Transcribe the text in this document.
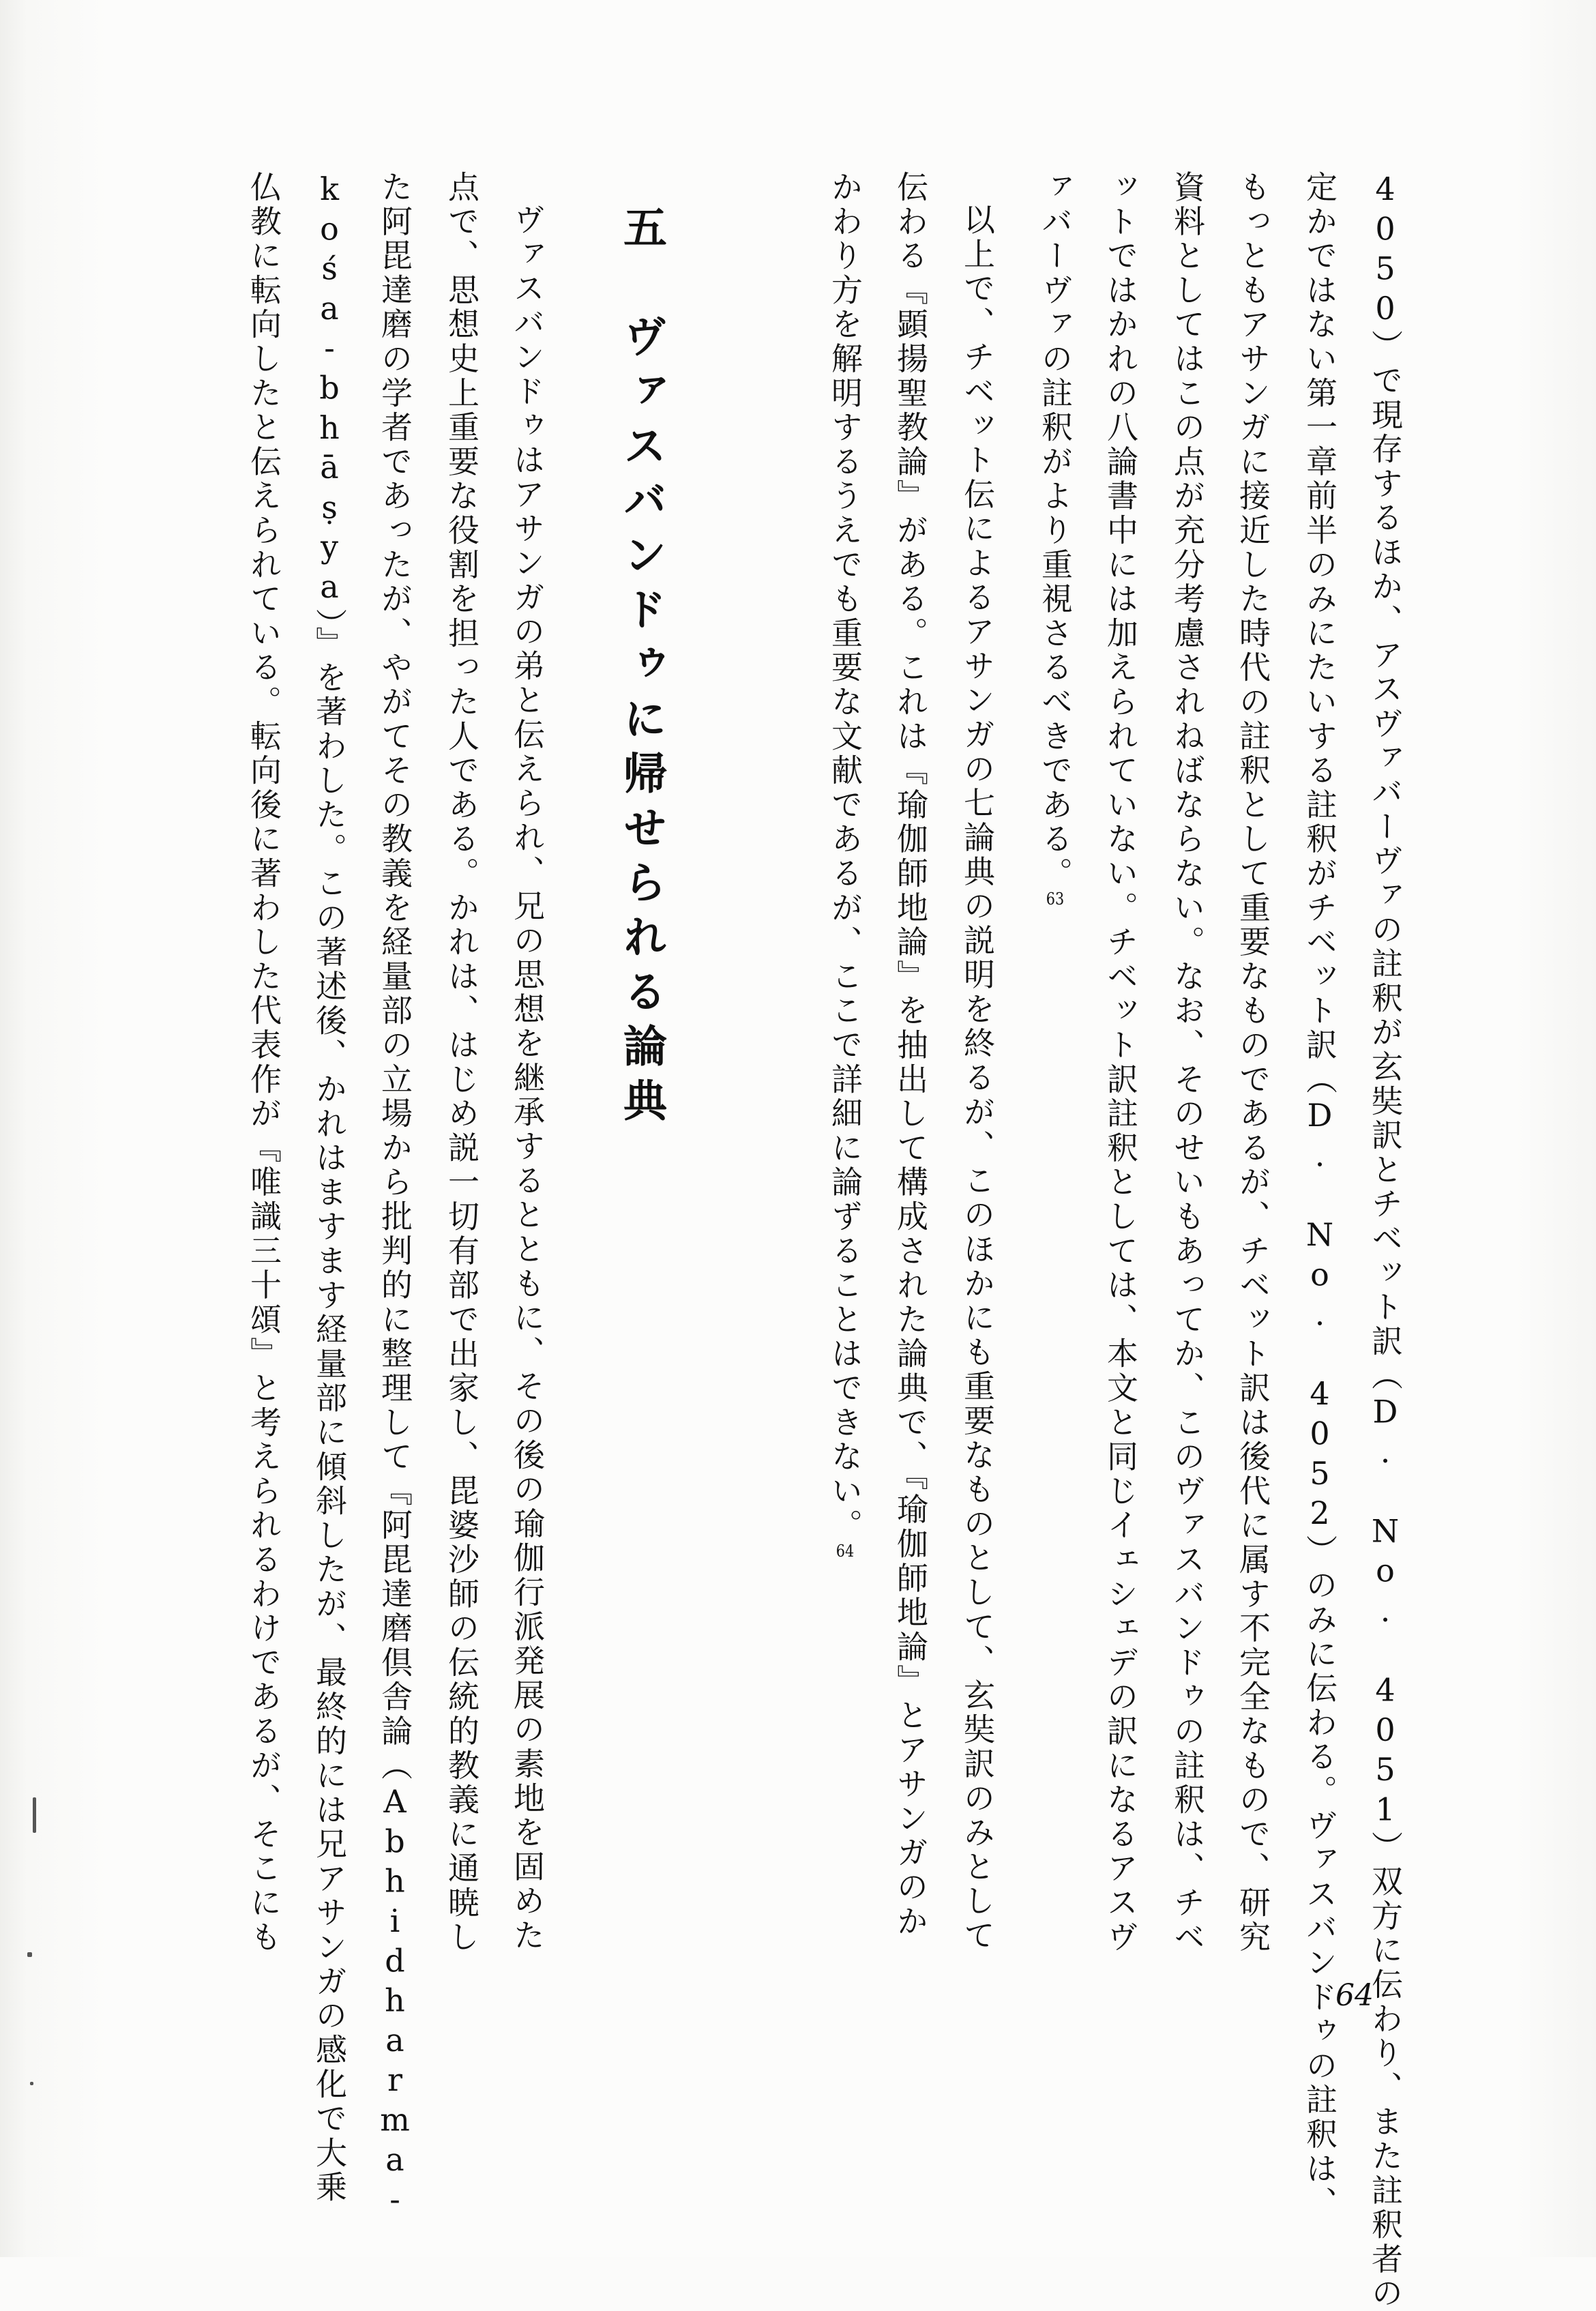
4050）で現存するほか、アスヴァバーヴァの註釈が玄奘訳とチベット訳（D. No. 4051）双方に伝わり、また註釈者の
定かではない第一章前半のみにたいする註釈がチベット訳（D. No. 4052）のみに伝わる。ヴァスバンドゥの註釈は、
もっともアサンガに接近した時代の註釈として重要なものであるが、チベット訳は後代に属す不完全なもので、研究
資料としてはこの点が充分考慮されねばならない。なお、そのせいもあってか、このヴァスバンドゥの註釈は、チベ
ットではかれの八論書中には加えられていない。チベット訳註釈としては、本文と同じイェシェデの訳になるアスヴ
ァバーヴァの註釈がより重視さるべきである。63
以上で、チベット伝によるアサンガの七論典の説明を終るが、このほかにも重要なものとして、玄奘訳のみとして
伝わる『顕揚聖教論』がある。これは『瑜伽師地論』を抽出して構成された論典で、『瑜伽師地論』とアサンガのか
かわり方を解明するうえでも重要な文献であるが、ここで詳細に論ずることはできない。64
五　ヴァスバンドゥに帰せられる論典
ヴァスバンドゥはアサンガの弟と伝えられ、兄の思想を継承するとともに、その後の瑜伽行派発展の素地を固めた
点で、思想史上重要な役割を担った人である。かれは、はじめ説一切有部で出家し、毘婆沙師の伝統的教義に通暁し
た阿毘達磨の学者であったが、やがてその教義を経量部の立場から批判的に整理して『阿毘達磨倶舎論（Abhidharma-
kośa-bhāṣya）』を著わした。この著述後、かれはますます経量部に傾斜したが、最終的には兄アサンガの感化で大乗
仏教に転向したと伝えられている。転向後に著わした代表作が『唯識三十頌』と考えられるわけであるが、そこにも
64
